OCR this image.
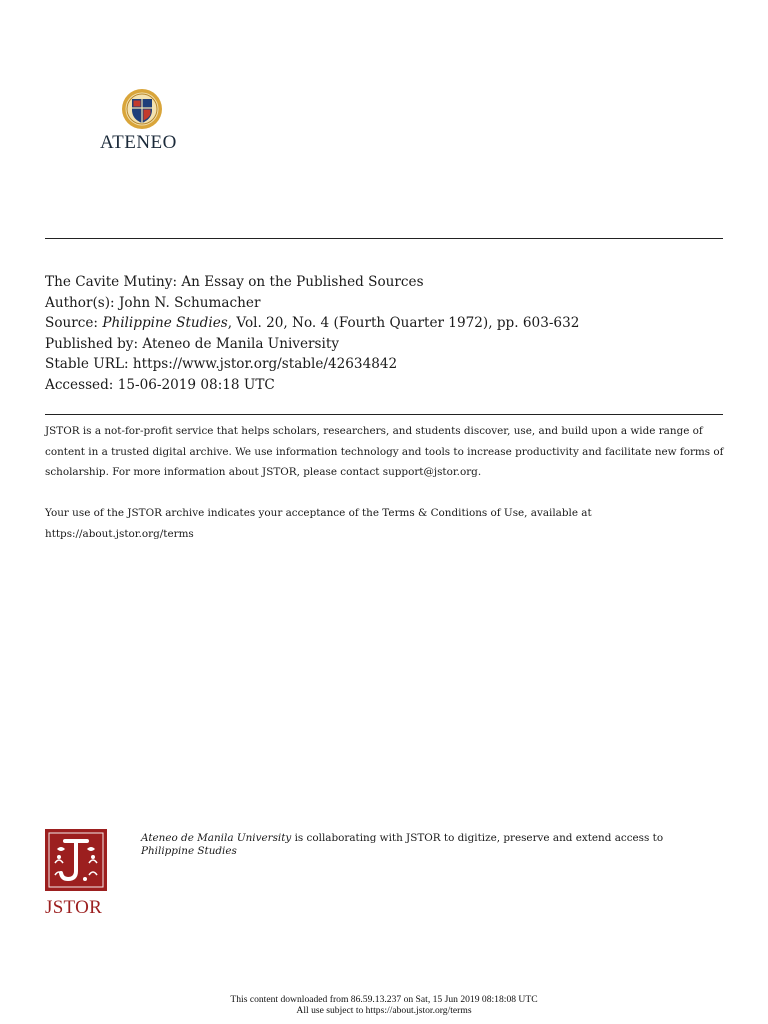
ATENEO
The Cavite Mutiny: An Essay on the Published Sources
Author(s): John N. Schumacher
Source: Philippine Studies, Vol. 20, No. 4 (Fourth Quarter 1972), pp. 603-632
Published by: Ateneo de Manila University
Stable URL: https://www.jstor.org/stable/42634842
Accessed: 15-06-2019 08:18 UTC
JSTOR is a not-for-profit service that helps scholars, researchers, and students discover, use, and build upon a wide range of content in a trusted digital archive. We use information technology and tools to increase productivity and facilitate new forms of scholarship. For more information about JSTOR, please contact support@jstor.org.
Your use of the JSTOR archive indicates your acceptance of the Terms & Conditions of Use, available at
https://about.jstor.org/terms
JSTOR
Ateneo de Manila University is collaborating with JSTOR to digitize, preserve and extend access to Philippine Studies
This content downloaded from 86.59.13.237 on Sat, 15 Jun 2019 08:18:08 UTC
All use subject to https://about.jstor.org/terms
